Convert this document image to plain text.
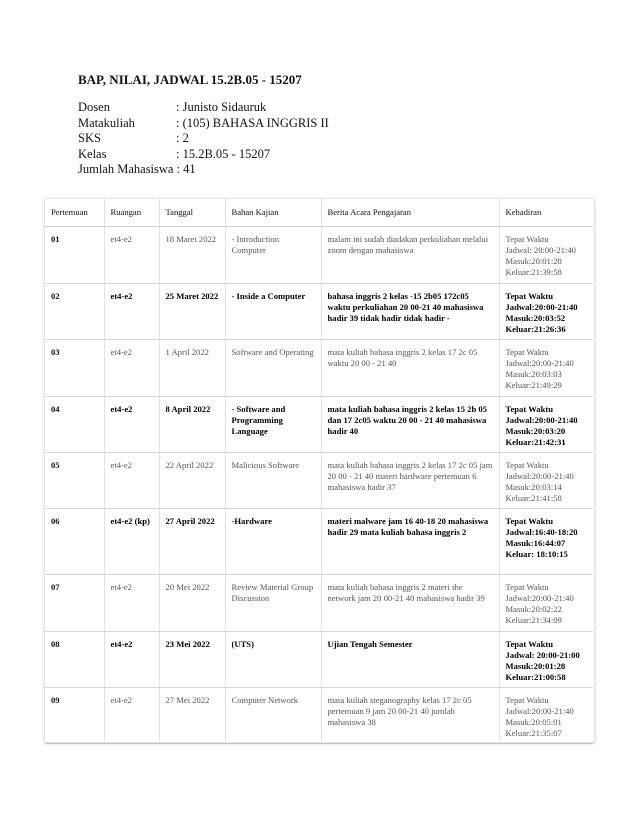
BAP, NILAI, JADWAL 15.2B.05 - 15207
Dosen	: Junisto Sidauruk
Matakuliah	: (105) BAHASA INGGRIS II
SKS	: 2
Kelas	: 15.2B.05 - 15207
Jumlah Mahasiswa : 41
Pertemuan	Ruangan	Tanggal	Bahan Kajian	Berita Acara Pengajaran	Kehadiran
01	et4-e2	18 Maret 2022	- Introduction Computer	malam ini sudah diadakan perkuliahan melalui zoom dengan mahasiswa	Tepat Waktu
Jadwal: 20:00-21:40
Masuk:20:01:28
Keluar:21:39:58

02	et4-e2	25 Maret 2022	- Inside a Computer	bahasa inggris 2 kelas -15 2b05 172c05 waktu perkuliahan 20 00-21 40 mahasiswa hadir 39 tidak hadir tidak hadir -	Tepat Waktu
Jadwal:20:00-21:40
Masuk:20:03:52
Keluar:21:26:36

03	et4-e2	1 April 2022	Software and Operating	mata kuliah bahasa inggris 2 kelas 17 2c 05 waktu 20 00 - 21 40	Tepat Waktu
Jadwal:20:00-21:40
Masuk:20:03:03
Keluar:21:49:29

04	et4-e2	8 April 2022	- Software and Programming Language	mata kuliah bahasa inggris 2 kelas 15 2b 05 dan 17 2c05 waktu 20 00 - 21 40 mahasiswa hadir 40	Tepat Waktu
Jadwal:20:00-21:40
Masuk:20:03:20
Keluar:21:42:31

05	et4-e2	22 April 2022	Malicious Software	mata kuliah bahasa inggris 2 kelas 17 2c 05 jam 20 00 - 21 40 materi hardware pertemuan 6 mahasiswa hadir 37	Tepat Waktu
Jadwal:20:00-21:40
Masuk:20:03:14
Keluar:21:41:58

06	et4-e2 (kp)	27 April 2022	-Hardware	materi malware jam 16 40-18 20 mahasiswa hadir 29 mata kuliah bahasa inggris 2	Tepat Waktu
Jadwal:16:40-18:20
Masuk:16:44:07
Keluar: 18:10:15

07	et4-e2	20 Mei 2022	Review Material Group Discussion	mata kuliah bahasa inggris 2 materi the network jam 20 00-21 40 mahasiswa hadir 39	Tepat Waktu
Jadwal:20:00-21:40
Masuk:20:02:22
Keluar:21:34:09

08	et4-e2	23 Mei 2022	(UTS)	Ujian Tengah Semester	Tepat Waktu
Jadwal: 20:00-21:00
Masuk:20:01:28
Keluar:21:00:58

09	et4-e2	27 Mei 2022	Computer Network	mata kuliah steganography kelas 17 2c 05 pertemuan 9 jam 20 00-21 40 jumlah mahasiswa 38	Tepat Waktu
Jadwal:20:00-21:40
Masuk:20:05:01
Keluar:21:35:07
